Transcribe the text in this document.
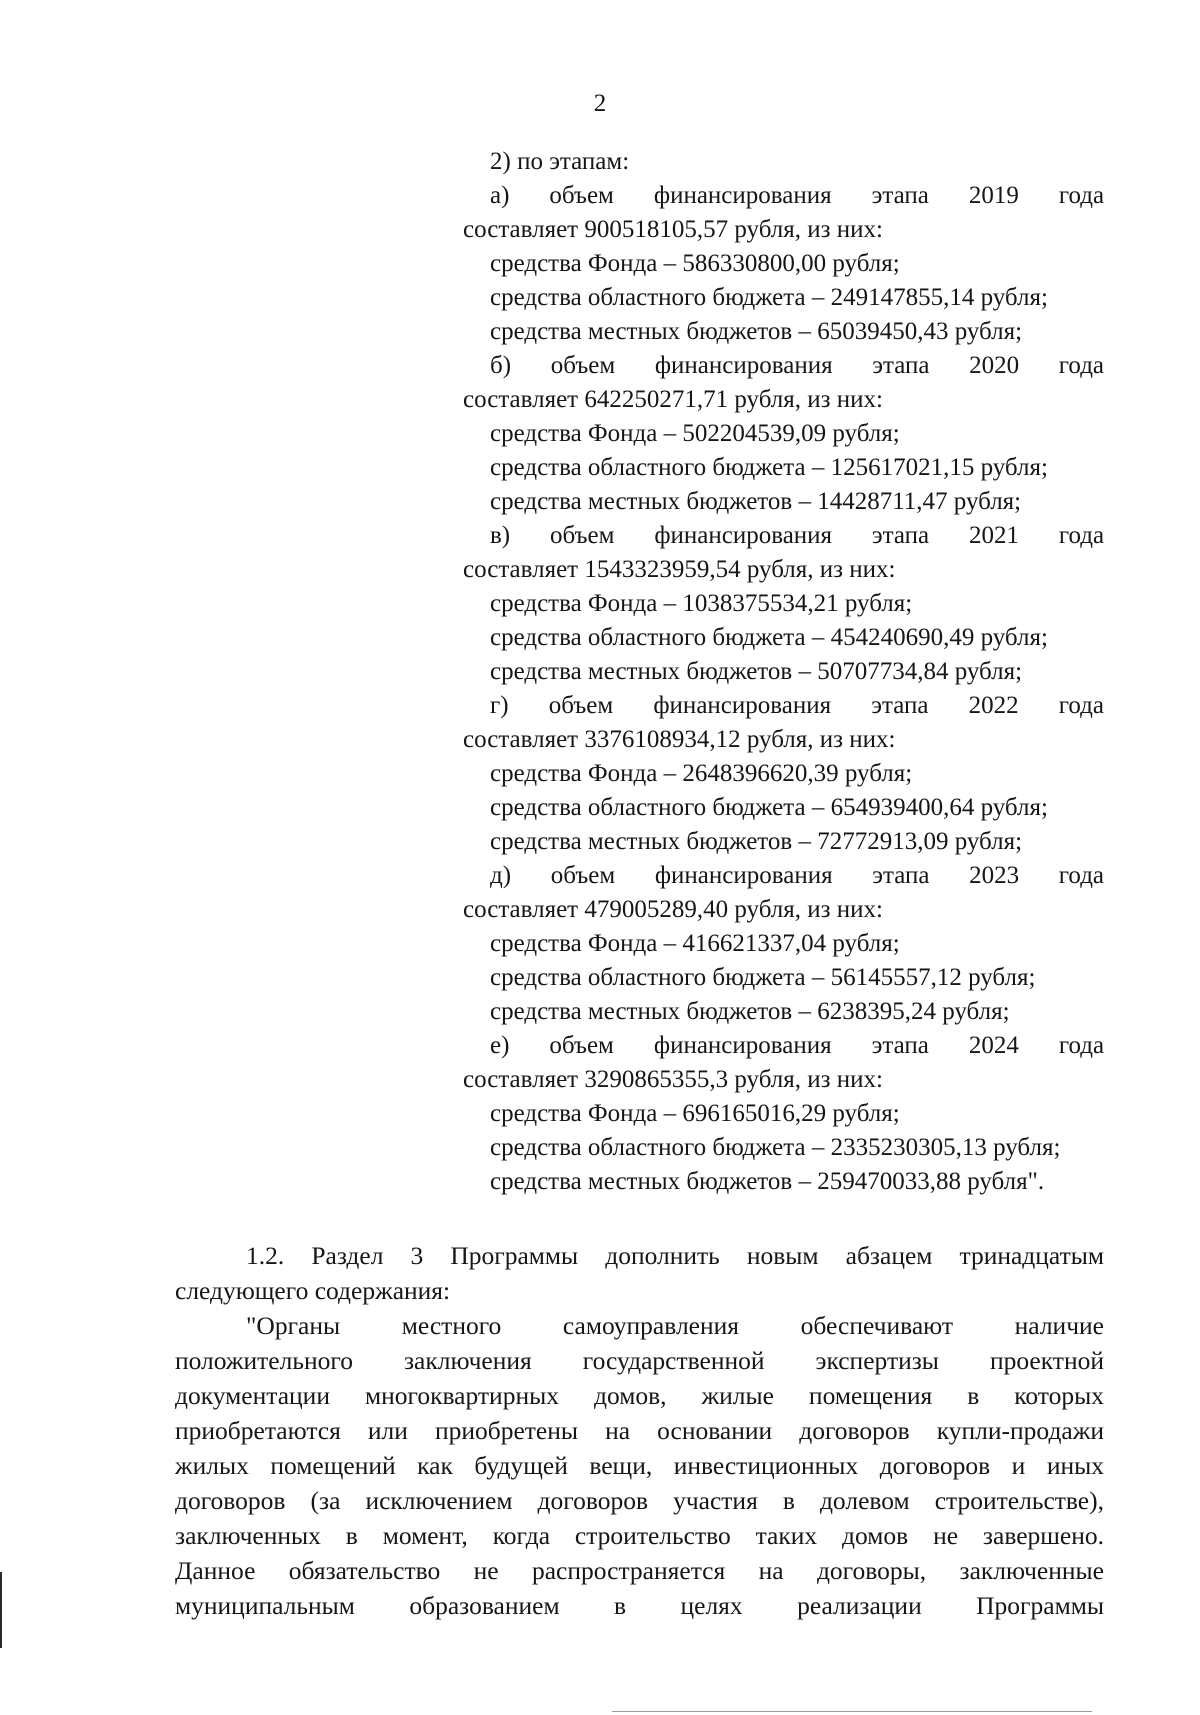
2
2) по этапам:
а) объем финансирования этапа 2019 года
составляет 900518105,57 рубля, из них:
средства Фонда – 586330800,00 рубля;
средства областного бюджета – 249147855,14 рубля;
средства местных бюджетов – 65039450,43 рубля;
б) объем финансирования этапа 2020 года
составляет 642250271,71 рубля, из них:
средства Фонда – 502204539,09 рубля;
средства областного бюджета – 125617021,15 рубля;
средства местных бюджетов – 14428711,47 рубля;
в) объем финансирования этапа 2021 года
составляет 1543323959,54 рубля, из них:
средства Фонда – 1038375534,21 рубля;
средства областного бюджета – 454240690,49 рубля;
средства местных бюджетов – 50707734,84 рубля;
г) объем финансирования этапа 2022 года
составляет 3376108934,12 рубля, из них:
средства Фонда – 2648396620,39 рубля;
средства областного бюджета – 654939400,64 рубля;
средства местных бюджетов – 72772913,09 рубля;
д) объем финансирования этапа 2023 года
составляет 479005289,40 рубля, из них:
средства Фонда – 416621337,04 рубля;
средства областного бюджета – 56145557,12 рубля;
средства местных бюджетов – 6238395,24 рубля;
е) объем финансирования этапа 2024 года
составляет 3290865355,3 рубля, из них:
средства Фонда – 696165016,29 рубля;
средства областного бюджета – 2335230305,13 рубля;
средства местных бюджетов – 259470033,88 рубля".
1.2. Раздел 3 Программы дополнить новым абзацем тринадцатым
следующего содержания:
"Органы местного самоуправления обеспечивают наличие
положительного заключения государственной экспертизы проектной
документации многоквартирных домов, жилые помещения в которых
приобретаются или приобретены на основании договоров купли-продажи
жилых помещений как будущей вещи, инвестиционных договоров и иных
договоров (за исключением договоров участия в долевом строительстве),
заключенных в момент, когда строительство таких домов не завершено.
Данное обязательство не распространяется на договоры, заключенные
муниципальным образованием в целях реализации Программы
